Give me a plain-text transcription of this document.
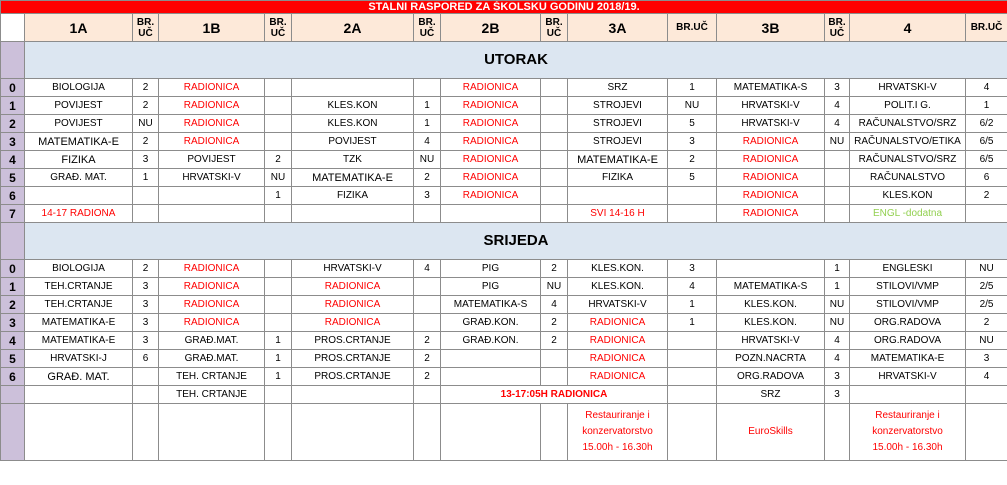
STALNI RASPORED ZA ŠKOLSKU GODINU 2018/19.														
	1A	BR.
UČ	1B	BR.
UČ	2A	BR.
UČ	2B	BR.
UČ	3A	BR.UČ	3B	BR.
UČ	4	BR.UČ
	UTORAK													
0	BIOLOGIJA	2	RADIONICA				RADIONICA		SRZ	1	MATEMATIKA-S	3	HRVATSKI-V	4
1	POVIJEST	2	RADIONICA		KLES.KON	1	RADIONICA		STROJEVI	NU	HRVATSKI-V	4	POLIT.I G.	1
2	POVIJEST	NU	RADIONICA		KLES.KON	1	RADIONICA		STROJEVI	5	HRVATSKI-V	4	RAČUNALSTVO/SRZ	6/2
3	MATEMATIKA-E	2	RADIONICA		POVIJEST	4	RADIONICA		STROJEVI	3	RADIONICA	NU	RAČUNALSTVO/ETIKA	6/5
4	FIZIKA	3	POVIJEST	2	TZK	NU	RADIONICA		MATEMATIKA-E	2	RADIONICA		RAČUNALSTVO/SRZ	6/5
5	GRAĐ. MAT.	1	HRVATSKI-V	NU	MATEMATIKA-E	2	RADIONICA		FIZIKA	5	RADIONICA		RAČUNALSTVO	6
6				1	FIZIKA	3	RADIONICA				RADIONICA		KLES.KON	2
7	14-17 RADIONA								SVI 14-16 H		RADIONICA		ENGL -dodatna	
	SRIJEDA													
0	BIOLOGIJA	2	RADIONICA		HRVATSKI-V	4	PIG	2	KLES.KON.	3		1	ENGLESKI	NU
1	TEH.CRTANJE	3	RADIONICA		RADIONICA		PIG	NU	KLES.KON.	4	MATEMATIKA-S	1	STILOVI/VMP	2/5
2	TEH.CRTANJE	3	RADIONICA		RADIONICA		MATEMATIKA-S	4	HRVATSKI-V	1	KLES.KON.	NU	STILOVI/VMP	2/5
3	MATEMATIKA-E	3	RADIONICA		RADIONICA		GRAĐ.KON.	2	RADIONICA	1	KLES.KON.	NU	ORG.RADOVA	2
4	MATEMATIKA-E	3	GRAĐ.MAT.	1	PROS.CRTANJE	2	GRAĐ.KON.	2	RADIONICA		HRVATSKI-V	4	ORG.RADOVA	NU
5	HRVATSKI-J	6	GRAĐ.MAT.	1	PROS.CRTANJE	2			RADIONICA		POZN.NACRTA	4	MATEMATIKA-E	3
6	GRAĐ. MAT.		TEH. CRTANJE	1	PROS.CRTANJE	2			RADIONICA		ORG.RADOVA	3	HRVATSKI-V	4
			TEH. CRTANJE				13-17:05H RADIONICA				SRZ	3		
									Restauriranje i
konzervatorstvo
15.00h - 16.30h		EuroSkills		Restauriranje i
konzervatorstvo
15.00h - 16.30h	
